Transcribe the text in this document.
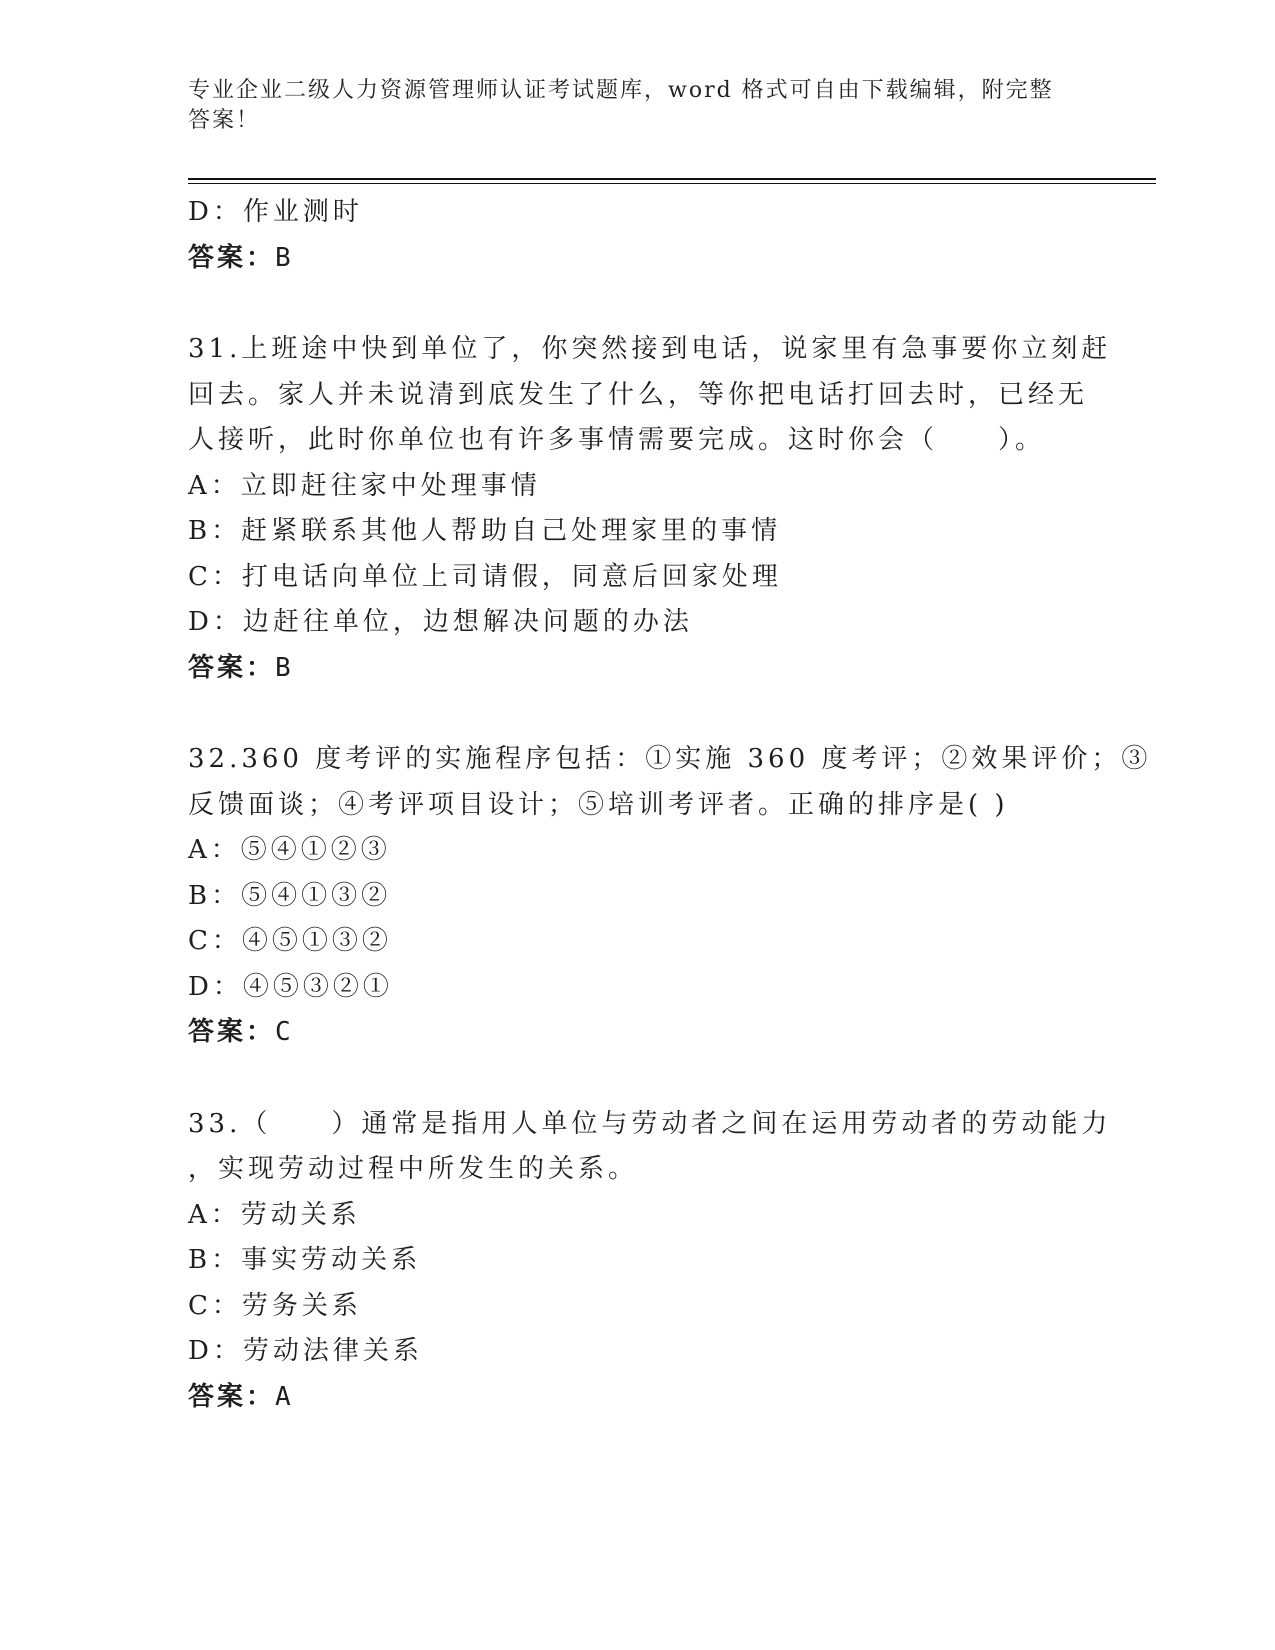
专业企业二级人力资源管理师认证考试题库，word 格式可自由下载编辑，附完整答案！
D：作业测时
答案：B
31.上班途中快到单位了，你突然接到电话，说家里有急事要你立刻赶
回去。家人并未说清到底发生了什么，等你把电话打回去时，已经无
人接听，此时你单位也有许多事情需要完成。这时你会（　　）。
A：立即赶往家中处理事情
B：赶紧联系其他人帮助自己处理家里的事情
C：打电话向单位上司请假，同意后回家处理
D：边赶往单位，边想解决问题的办法
答案：B
32.360 度考评的实施程序包括：①实施 360 度考评；②效果评价；③
反馈面谈；④考评项目设计；⑤培训考评者。正确的排序是( )
A：⑤④①②③
B：⑤④①③②
C：④⑤①③②
D：④⑤③②①
答案：C
33.（　　）通常是指用人单位与劳动者之间在运用劳动者的劳动能力
，实现劳动过程中所发生的关系。
A：劳动关系
B：事实劳动关系
C：劳务关系
D：劳动法律关系
答案：A
